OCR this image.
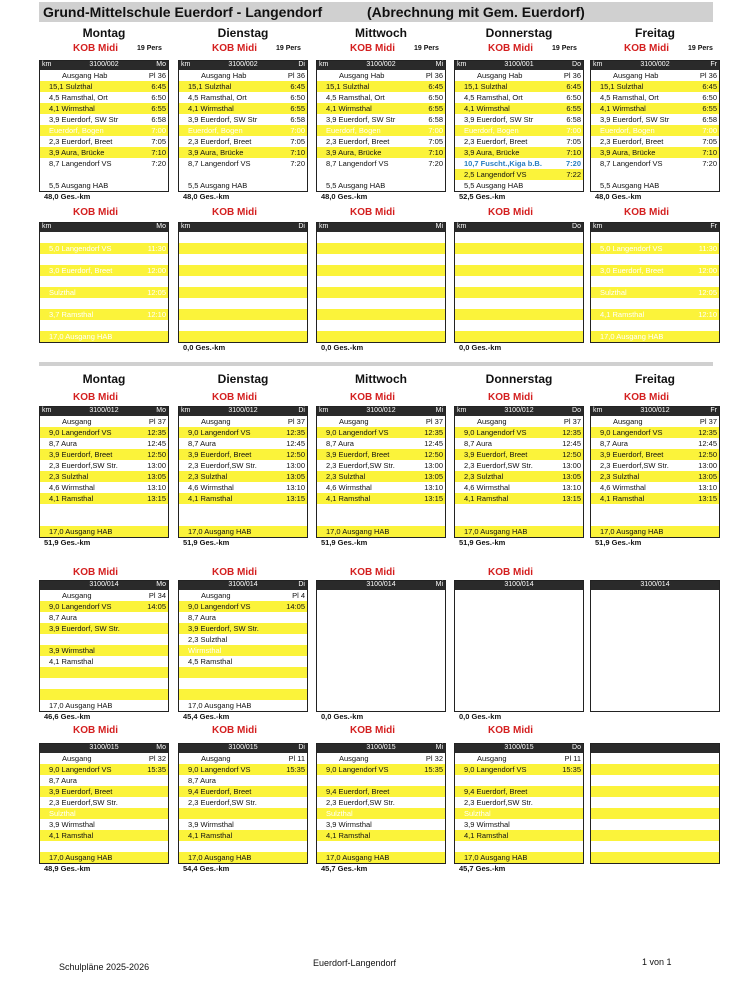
Grund-Mittelschule Euerdorf - Langendorf	(Abrechnung mit Gem. Euerdorf)
Montag	Dienstag	Mittwoch	Donnerstag	Freitag
KOB Midi	19 Pers	KOB Midi	19 Pers	KOB Midi	19 Pers	KOB Midi	19 Pers	KOB Midi	19 Pers
km	3100/002	Mo
Ausgang Hab	Pl 36
15,1 Sulzthal	6:45
4,5 Ramsthal, Ort	6:50
4,1 Wirmsthal	6:55
3,9 Euerdorf, SW Str	6:58
Euerdorf, Bogen	7:00
2,3 Euerdorf, Breet	7:05
3,9 Aura, Brücke	7:10
8,7 Langendorf VS	7:20
5,5 Ausgang HAB
48,0 Ges.-km
km	3100/002	Di
Ausgang Hab	Pl 36
15,1 Sulzthal	6:45
4,5 Ramsthal, Ort	6:50
4,1 Wirmsthal	6:55
3,9 Euerdorf, SW Str	6:58
Euerdorf, Bogen	7:00
2,3 Euerdorf, Breet	7:05
3,9 Aura, Brücke	7:10
8,7 Langendorf VS	7:20
5,5 Ausgang HAB
48,0 Ges.-km
km	3100/002	Mi
Ausgang Hab	Pl 36
15,1 Sulzthal	6:45
4,5 Ramsthal, Ort	6:50
4,1 Wirmsthal	6:55
3,9 Euerdorf, SW Str	6:58
Euerdorf, Bogen	7:00
2,3 Euerdorf, Breet	7:05
3,9 Aura, Brücke	7:10
8,7 Langendorf VS	7:20
5,5 Ausgang HAB
48,0 Ges.-km
km	3100/001	Do
Ausgang Hab	Pl 36
15,1 Sulzthal	6:45
4,5 Ramsthal, Ort	6:50
4,1 Wirmsthal	6:55
3,9 Euerdorf, SW Str	6:58
Euerdorf, Bogen	7:00
2,3 Euerdorf, Breet	7:05
3,9 Aura, Brücke	7:10
10,7 Fuscht.,Kiga b.B.	7:20
2,5 Langendorf VS	7:22
5,5 Ausgang HAB
52,5 Ges.-km
km	3100/002	Fr
Ausgang Hab	Pl 36
15,1 Sulzthal	6:45
4,5 Ramsthal, Ort	6:50
4,1 Wirmsthal	6:55
3,9 Euerdorf, SW Str	6:58
Euerdorf, Bogen	7:00
2,3 Euerdorf, Breet	7:05
3,9 Aura, Brücke	7:10
8,7 Langendorf VS	7:20
5,5 Ausgang HAB
48,0 Ges.-km
KOB Midi	KOB Midi	KOB Midi	KOB Midi	KOB Midi
km	Mo
5,0 Langendorf VS	11:30
3,0 Euerdorf, Breet	12:00
Sulzthal	12:05
3,7 Ramsthal	12:10
17,0 Ausgang HAB
km	Di
0,0 Ges.-km
km	Mi
0,0 Ges.-km
km	Do
0,0 Ges.-km
km	Fr
5,0 Langendorf VS	11:30
3,0 Euerdorf, Breet	12:00
Sulzthal	12:05
4,1 Ramsthal	12:10
17,0 Ausgang HAB
Montag	Dienstag	Mittwoch	Donnerstag	Freitag
KOB Midi	KOB Midi	KOB Midi	KOB Midi	KOB Midi
km	3100/012	Mo
Ausgang	Pl 37
9,0 Langendorf VS	12:35
8,7 Aura	12:45
3,9 Euerdorf, Breet	12:50
2,3 Euerdorf,SW Str.	13:00
2,3 Sulzthal	13:05
4,6 Wirmsthal	13:10
4,1 Ramsthal	13:15
17,0 Ausgang HAB
51,9 Ges.-km
km	3100/012	Di
Ausgang	Pl 37
9,0 Langendorf VS	12:35
8,7 Aura	12:45
3,9 Euerdorf, Breet	12:50
2,3 Euerdorf,SW Str.	13:00
2,3 Sulzthal	13:05
4,6 Wirmsthal	13:10
4,1 Ramsthal	13:15
17,0 Ausgang HAB
51,9 Ges.-km
km	3100/012	Mi
Ausgang	Pl 37
9,0 Langendorf VS	12:35
8,7 Aura	12:45
3,9 Euerdorf, Breet	12:50
2,3 Euerdorf,SW Str.	13:00
2,3 Sulzthal	13:05
4,6 Wirmsthal	13:10
4,1 Ramsthal	13:15
17,0 Ausgang HAB
51,9 Ges.-km
km	3100/012	Do
Ausgang	Pl 37
9,0 Langendorf VS	12:35
8,7 Aura	12:45
3,9 Euerdorf, Breet	12:50
2,3 Euerdorf,SW Str.	13:00
2,3 Sulzthal	13:05
4,6 Wirmsthal	13:10
4,1 Ramsthal	13:15
17,0 Ausgang HAB
51,9 Ges.-km
km	3100/012	Fr
Ausgang	Pl 37
9,0 Langendorf VS	12:35
8,7 Aura	12:45
3,9 Euerdorf, Breet	12:50
2,3 Euerdorf,SW Str.	13:00
2,3 Sulzthal	13:05
4,6 Wirmsthal	13:10
4,1 Ramsthal	13:15
17,0 Ausgang HAB
51,9 Ges.-km
KOB Midi	KOB Midi	KOB Midi	KOB Midi
3100/014	Mo
Ausgang	Pl 34
9,0 Langendorf VS	14:05
8,7 Aura
3,9 Euerdorf, SW Str.
3,9 Wirmsthal
4,1 Ramsthal
17,0 Ausgang HAB
46,6 Ges.-km
3100/014	Di
Ausgang	Pl 4
9,0 Langendorf VS	14:05
8,7 Aura
3,9 Euerdorf, SW Str.
2,3 Sulzthal
Wirmsthal
4,5 Ramsthal
17,0 Ausgang HAB
45,4 Ges.-km
3100/014	Mi
0,0 Ges.-km
3100/014
0,0 Ges.-km
3100/014
KOB Midi	KOB Midi	KOB Midi	KOB Midi
3100/015	Mo
Ausgang	Pl 32
9,0 Langendorf VS	15:35
8,7 Aura
3,9 Euerdorf, Breet
2,3 Euerdorf,SW Str.
Sulzthal
3,9 Wirmsthal
4,1 Ramsthal
17,0 Ausgang HAB
48,9 Ges.-km
3100/015	Di
Ausgang	Pl 11
9,0 Langendorf VS	15:35
8,7 Aura
9,4 Euerdorf, Breet
2,3 Euerdorf,SW Str.
3,9 Wirmsthal
4,1 Ramsthal
17,0 Ausgang HAB
54,4 Ges.-km
3100/015	Mi
Ausgang	Pl 32
9,0 Langendorf VS	15:35
9,4 Euerdorf, Breet
2,3 Euerdorf,SW Str.
Sulzthal
3,9 Wirmsthal
4,1 Ramsthal
17,0 Ausgang HAB
45,7 Ges.-km
3100/015	Do
Ausgang	Pl 11
9,0 Langendorf VS	15:35
9,4 Euerdorf, Breet
2,3 Euerdorf,SW Str.
Sulzthal
3,9 Wirmsthal
4,1 Ramsthal
17,0 Ausgang HAB
45,7 Ges.-km
Schulpläne 2025-2026	Euerdorf-Langendorf	1 von 1
